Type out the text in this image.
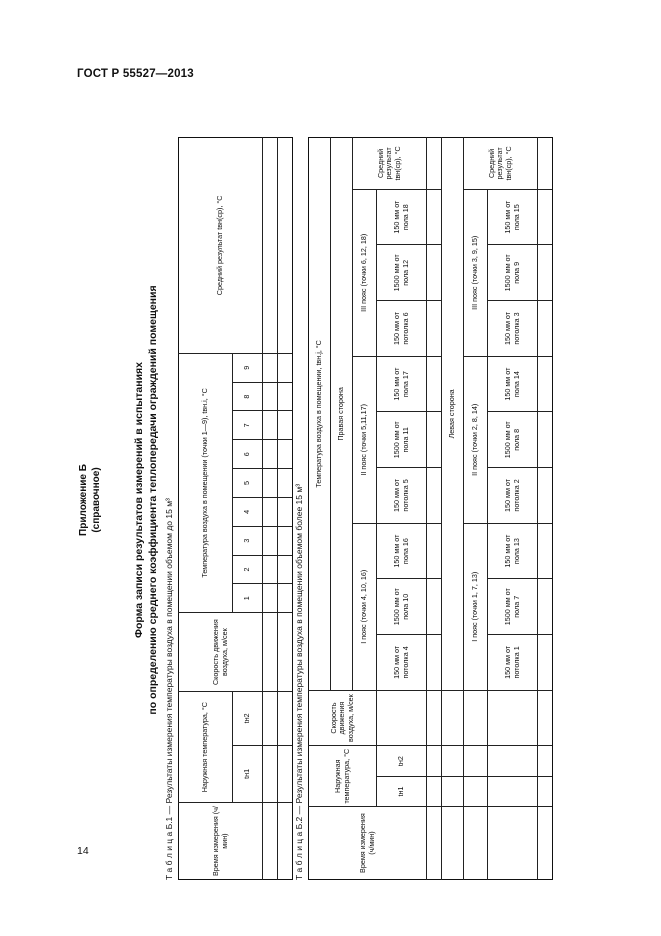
ГОСТ Р 55527—2013
14
Приложение Б (справочное)	Форма записи результатов измерений в испытаниях по определению среднего коэффициента теплопередачи ограждений помещения
Т а б л и ц а Б.1 — Результаты измерения температуры воздуха в помещении объемом до 15 м³
Время измерения (ч/мин)	Наружная температура, °С		Скорость движения воздуха, м/сек	Температура воздуха в помещении (точки 1—9), tвн.i, °С									Средний результат tвн(ср), °С
	tн1	tн2		1	2	3	4	5	6	7	8	9	

Т а б л и ц а Б.2 — Результаты измерения температуры воздуха в помещении объемом более 15 м³
Время измерения (ч/мин)	Наружная температура, °С		Скорость движения воздуха, м/сек	Температура воздуха в помещении, tвн.j, °С									
				Правая сторона									
				I пояс (точки 4, 10, 16)			II пояс (точки 5,11,17)			III пояс (точки 6, 12, 18)			Средний результат tвн(ср), °С
	tн1	tн2		150 мм от потолка 4	1500 мм от пола 10	150 мм от пола 16	150 мм от потолка 5	1500 мм от пола 11	150 мм от пола 17	150 мм от потолка 6	1500 мм от пола 12	150 мм от пола 18	

				Левая сторона									
				I пояс (точки 1, 7, 13)			II пояс (точки 2, 8, 14)			III пояс (точки 3, 9, 15)			Средний результат tвн(ср), °С
				150 мм от потолка 1	1500 мм от пола 7	150 мм от пола 13	150 мм от потолка 2	1500 мм от пола 8	150 мм от пола 14	150 мм от потолка 3	1500 мм от пола 9	150 мм от пола 15	
